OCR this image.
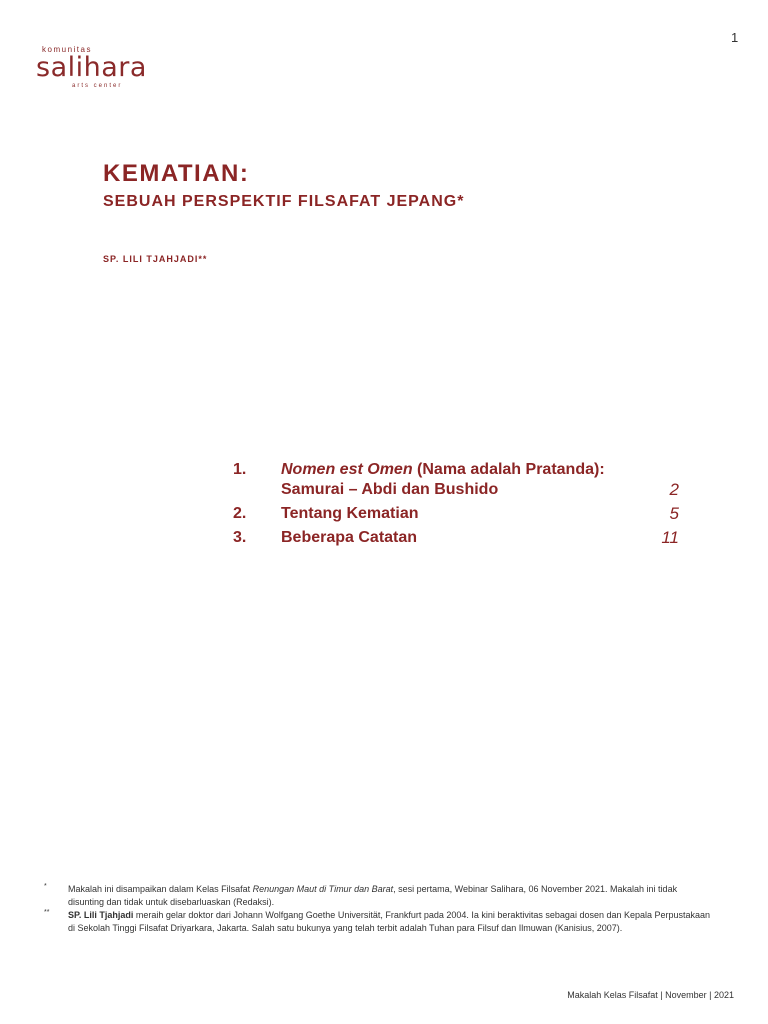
1
komunitas
salihara
arts center
KEMATIAN:
SEBUAH PERSPEKTIF FILSAFAT JEPANG*
SP. LILI TJAHJADI**
1.	Nomen est Omen (Nama adalah Pratanda):
Samurai – Abdi dan Bushido	2
2.	Tentang Kematian	5
3.	Beberapa Catatan	11
* Makalah ini disampaikan dalam Kelas Filsafat Renungan Maut di Timur dan Barat, sesi pertama, Webinar Salihara, 06 November 2021. Makalah ini tidak disunting dan tidak untuk disebarluaskan (Redaksi).
** SP. Lili Tjahjadi meraih gelar doktor dari Johann Wolfgang Goethe Universität, Frankfurt pada 2004. Ia kini beraktivitas sebagai dosen dan Kepala Perpustakaan di Sekolah Tinggi Filsafat Driyarkara, Jakarta. Salah satu bukunya yang telah terbit adalah Tuhan para Filsuf dan Ilmuwan (Kanisius, 2007).
Makalah Kelas Filsafat | November | 2021
